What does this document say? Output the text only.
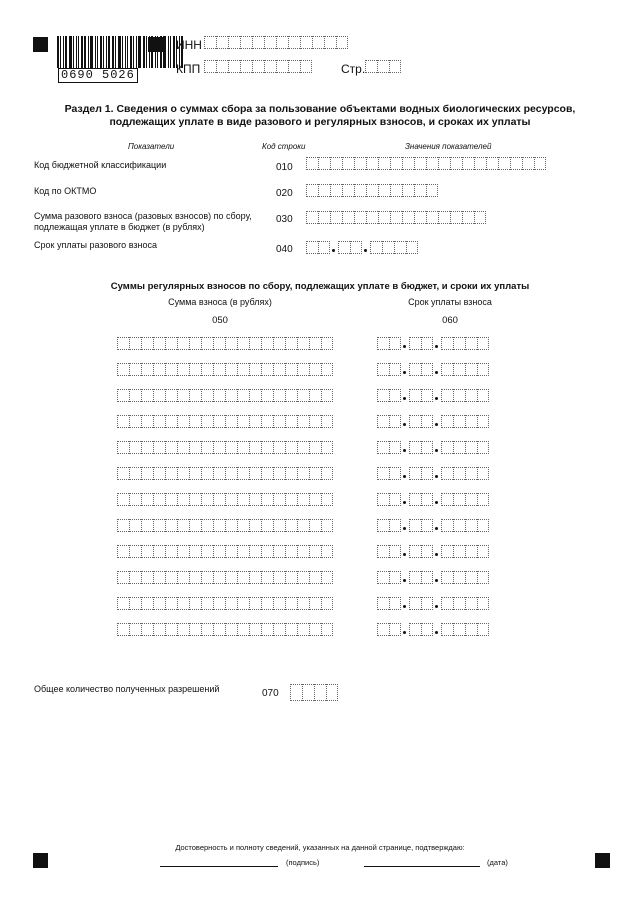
0690 5026
ИНН
КПП	Стр.
Раздел 1. Сведения о суммах сбора за пользование объектами водных биологических ресурсов,
подлежащих уплате в виде разового и регулярных взносов, и сроках их уплаты
Показатели	Код строки	Значения показателей
Код бюджетной классификации	010
Код по ОКТМО	020
Сумма разового взноса (разовых взносов) по сбору,
подлежащая уплате в бюджет (в рублях)
030
Срок уплаты разового взноса	040
Суммы регулярных взносов по сбору, подлежащих уплате в бюджет, и сроки их уплаты
Сумма взноса (в рублях)
050
Срок уплаты взноса
060
Общее количество полученных разрешений	070
Достоверность и полноту сведений, указанных на данной странице, подтверждаю:
(подпись)	(дата)
